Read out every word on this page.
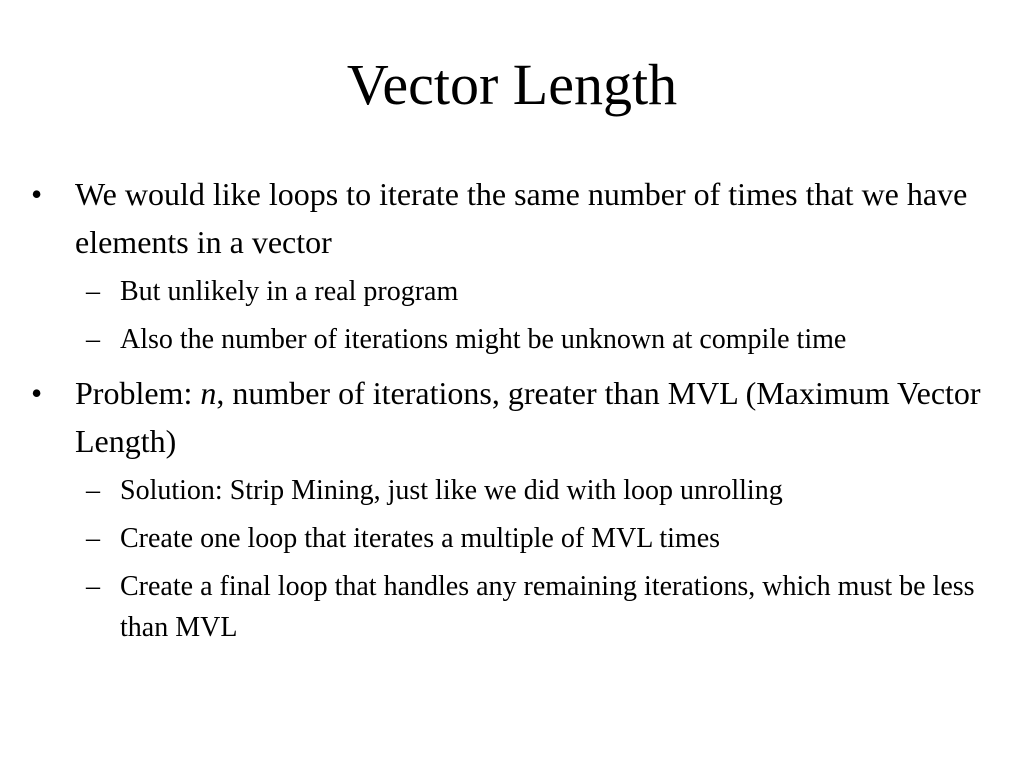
Vector Length
• We would like loops to iterate the same number of times that we have elements in a vector
– But unlikely in a real program
– Also the number of iterations might be unknown at compile time
• Problem: n, number of iterations, greater than MVL (Maximum Vector Length)
– Solution: Strip Mining, just like we did with loop unrolling
– Create one loop that iterates a multiple of MVL times
– Create a final loop that handles any remaining iterations, which must be less than MVL
